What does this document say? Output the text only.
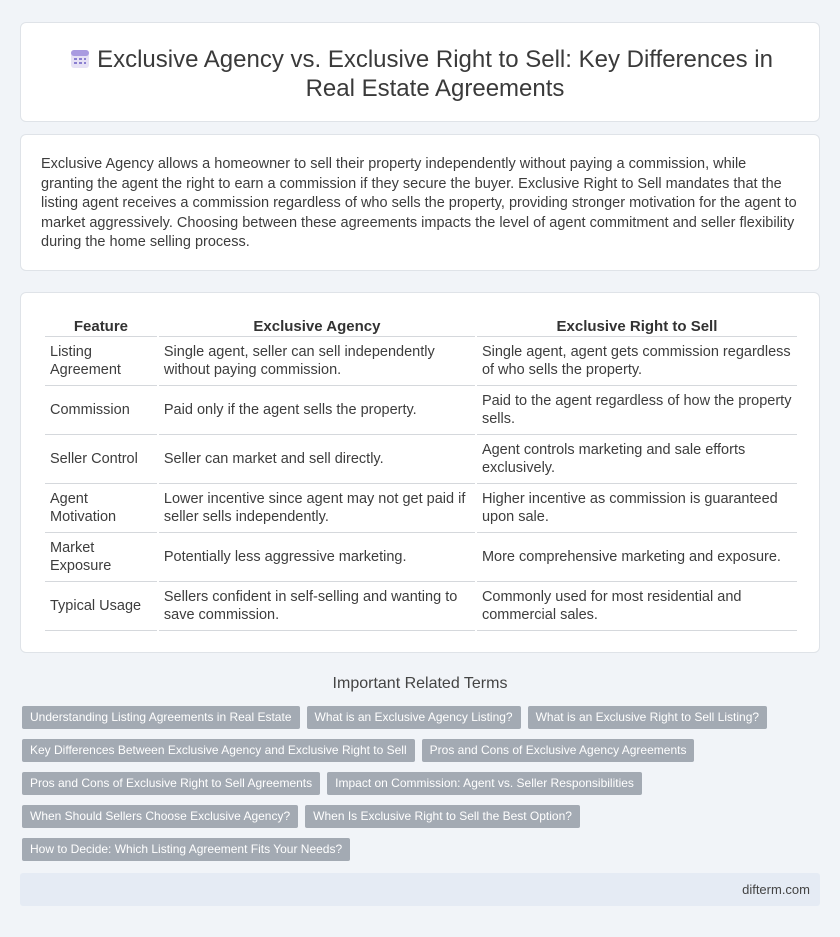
Exclusive Agency vs. Exclusive Right to Sell: Key Differences in Real Estate Agreements

Exclusive Agency allows a homeowner to sell their property independently without paying a commission, while granting the agent the right to earn a commission if they secure the buyer. Exclusive Right to Sell mandates that the listing agent receives a commission regardless of who sells the property, providing stronger motivation for the agent to market aggressively. Choosing between these agreements impacts the level of agent commitment and seller flexibility during the home selling process.

Feature	Exclusive Agency	Exclusive Right to Sell
Listing Agreement	Single agent, seller can sell independently without paying commission.	Single agent, agent gets commission regardless of who sells the property.
Commission	Paid only if the agent sells the property.	Paid to the agent regardless of how the property sells.
Seller Control	Seller can market and sell directly.	Agent controls marketing and sale efforts exclusively.
Agent Motivation	Lower incentive since agent may not get paid if seller sells independently.	Higher incentive as commission is guaranteed upon sale.
Market Exposure	Potentially less aggressive marketing.	More comprehensive marketing and exposure.
Typical Usage	Sellers confident in self-selling and wanting to save commission.	Commonly used for most residential and commercial sales.
Important Related Terms
Understanding Listing Agreements in Real Estate	What is an Exclusive Agency Listing?	What is an Exclusive Right to Sell Listing?
Key Differences Between Exclusive Agency and Exclusive Right to Sell	Pros and Cons of Exclusive Agency Agreements
Pros and Cons of Exclusive Right to Sell Agreements	Impact on Commission: Agent vs. Seller Responsibilities
When Should Sellers Choose Exclusive Agency?	When Is Exclusive Right to Sell the Best Option?
How to Decide: Which Listing Agreement Fits Your Needs?
difterm.com
